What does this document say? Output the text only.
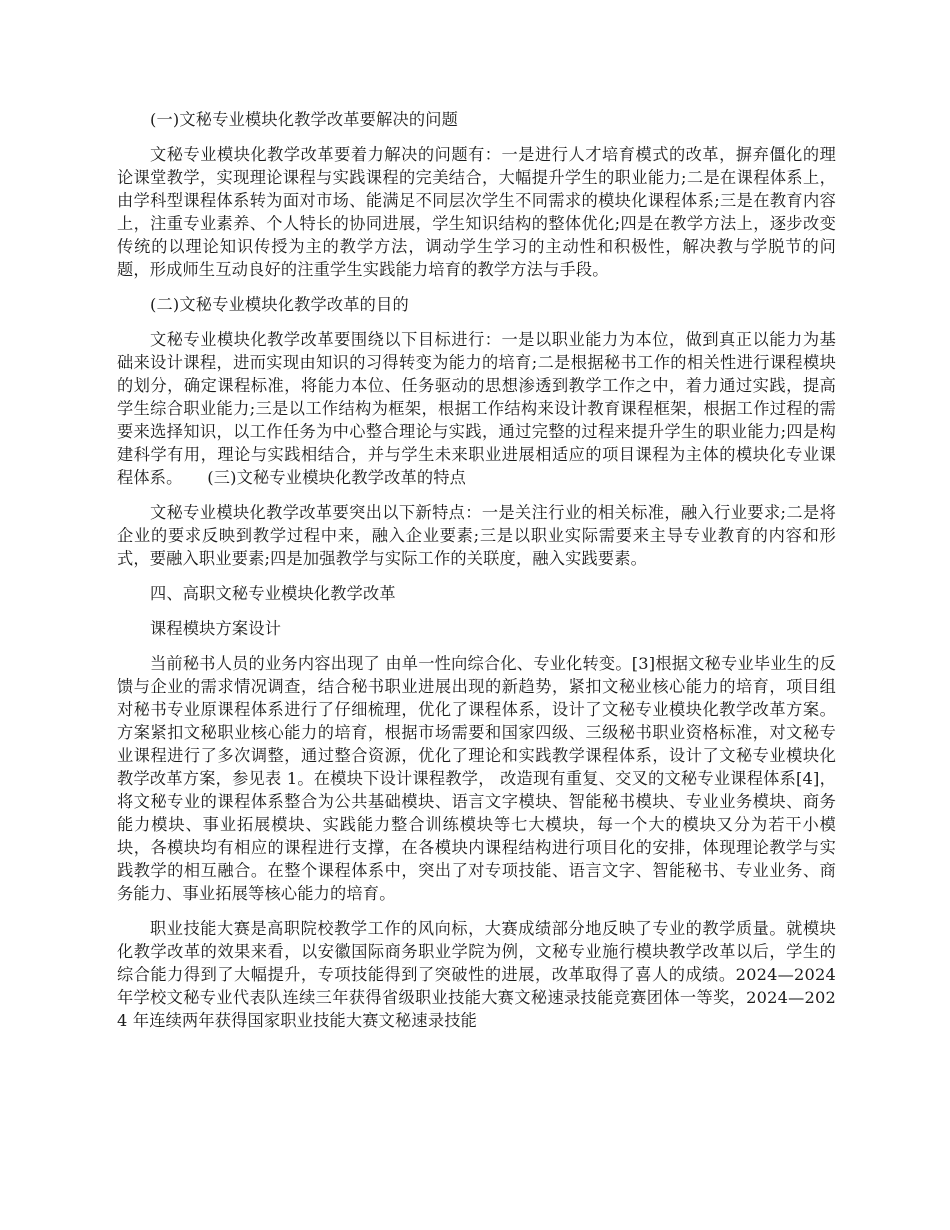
(一)文秘专业模块化教学改革要解决的问题

文秘专业模块化教学改革要着力解决的问题有：一是进行人才培育模式的改革，摒弃僵化的理论课堂教学，实现理论课程与实践课程的完美结合，大幅提升学生的职业能力;二是在课程体系上，由学科型课程体系转为面对市场、能满足不同层次学生不同需求的模块化课程体系;三是在教育内容上，注重专业素养、个人特长的协同进展，学生知识结构的整体优化;四是在教学方法上，逐步改变传统的以理论知识传授为主的教学方法，调动学生学习的主动性和积极性，解决教与学脱节的问题，形成师生互动良好的注重学生实践能力培育的教学方法与手段。

(二)文秘专业模块化教学改革的目的

文秘专业模块化教学改革要围绕以下目标进行：一是以职业能力为本位，做到真正以能力为基础来设计课程，进而实现由知识的习得转变为能力的培育;二是根据秘书工作的相关性进行课程模块的划分，确定课程标准，将能力本位、任务驱动的思想渗透到教学工作之中，着力通过实践，提高学生综合职业能力;三是以工作结构为框架，根据工作结构来设计教育课程框架，根据工作过程的需要来选择知识，以工作任务为中心整合理论与实践，通过完整的过程来提升学生的职业能力;四是构建科学有用，理论与实践相结合，并与学生未来职业进展相适应的项目课程为主体的模块化专业课程体系。　　(三)文秘专业模块化教学改革的特点

文秘专业模块化教学改革要突出以下新特点：一是关注行业的相关标准，融入行业要求;二是将企业的要求反映到教学过程中来，融入企业要素;三是以职业实际需要来主导专业教育的内容和形式，要融入职业要素;四是加强教学与实际工作的关联度，融入实践要素。

四、高职文秘专业模块化教学改革

课程模块方案设计

当前秘书人员的业务内容出现了 由单一性向综合化、专业化转变。[3]根据文秘专业毕业生的反馈与企业的需求情况调查，结合秘书职业进展出现的新趋势，紧扣文秘业核心能力的培育，项目组对秘书专业原课程体系进行了仔细梳理，优化了课程体系，设计了文秘专业模块化教学改革方案。方案紧扣文秘职业核心能力的培育，根据市场需要和国家四级、三级秘书职业资格标准，对文秘专业课程进行了多次调整，通过整合资源，优化了理论和实践教学课程体系，设计了文秘专业模块化教学改革方案，参见表 1。在模块下设计课程教学， 改造现有重复、交叉的文秘专业课程体系[4]，将文秘专业的课程体系整合为公共基础模块、语言文字模块、智能秘书模块、专业业务模块、商务能力模块、事业拓展模块、实践能力整合训练模块等七大模块，每一个大的模块又分为若干小模块，各模块均有相应的课程进行支撑，在各模块内课程结构进行项目化的安排，体现理论教学与实践教学的相互融合。在整个课程体系中，突出了对专项技能、语言文字、智能秘书、专业业务、商务能力、事业拓展等核心能力的培育。

职业技能大赛是高职院校教学工作的风向标，大赛成绩部分地反映了专业的教学质量。就模块化教学改革的效果来看，以安徽国际商务职业学院为例，文秘专业施行模块教学改革以后，学生的综合能力得到了大幅提升，专项技能得到了突破性的进展，改革取得了喜人的成绩。2024—2024 年学校文秘专业代表队连续三年获得省级职业技能大赛文秘速录技能竞赛团体一等奖，2024—2024 年连续两年获得国家职业技能大赛文秘速录技能
